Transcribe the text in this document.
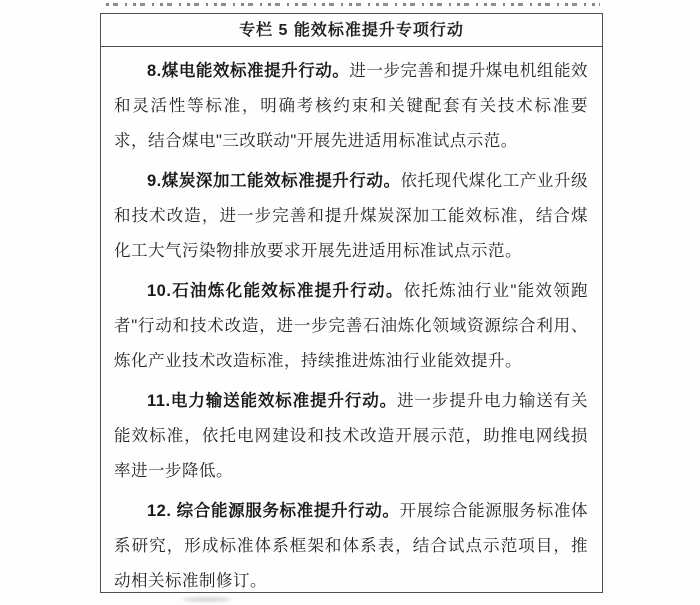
专栏 5 能效标准提升专项行动

8.煤电能效标准提升行动。进一步完善和提升煤电机组能效和灵活性等标准，明确考核约束和关键配套有关技术标准要求，结合煤电"三改联动"开展先进适用标准试点示范。

9.煤炭深加工能效标准提升行动。依托现代煤化工产业升级和技术改造，进一步完善和提升煤炭深加工能效标准，结合煤化工大气污染物排放要求开展先进适用标准试点示范。

10.石油炼化能效标准提升行动。依托炼油行业"能效领跑者"行动和技术改造，进一步完善石油炼化领域资源综合利用、炼化产业技术改造标准，持续推进炼油行业能效提升。

11.电力输送能效标准提升行动。进一步提升电力输送有关能效标准，依托电网建设和技术改造开展示范，助推电网线损率进一步降低。

12. 综合能源服务标准提升行动。开展综合能源服务标准体系研究，形成标准体系框架和体系表，结合试点示范项目，推动相关标准制修订。
